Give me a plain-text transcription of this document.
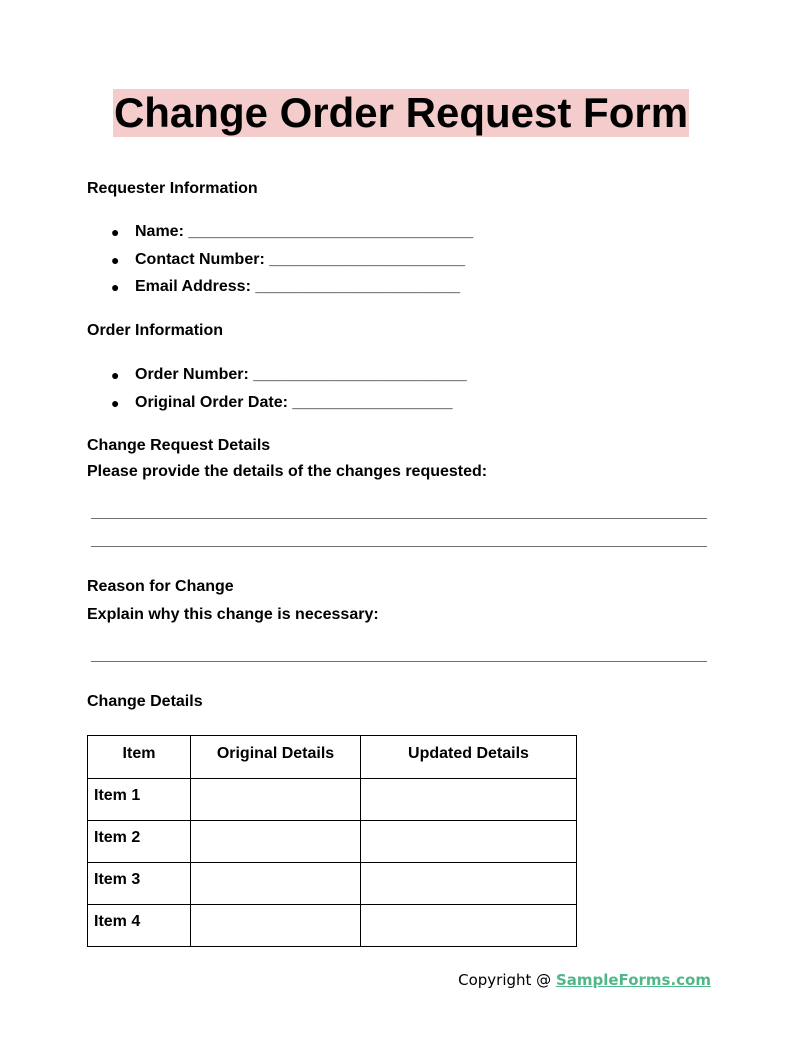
Change Order Request Form
Requester Information
● Name: ________________________________
● Contact Number: ______________________
● Email Address: _______________________
Order Information
● Order Number: ________________________
● Original Order Date: __________________
Change Request Details
Please provide the details of the changes requested:
Reason for Change
Explain why this change is necessary:
Change Details
Item	Original Details	Updated Details
Item 1		
Item 2		
Item 3		
Item 4		
Copyright @ SampleForms.com
